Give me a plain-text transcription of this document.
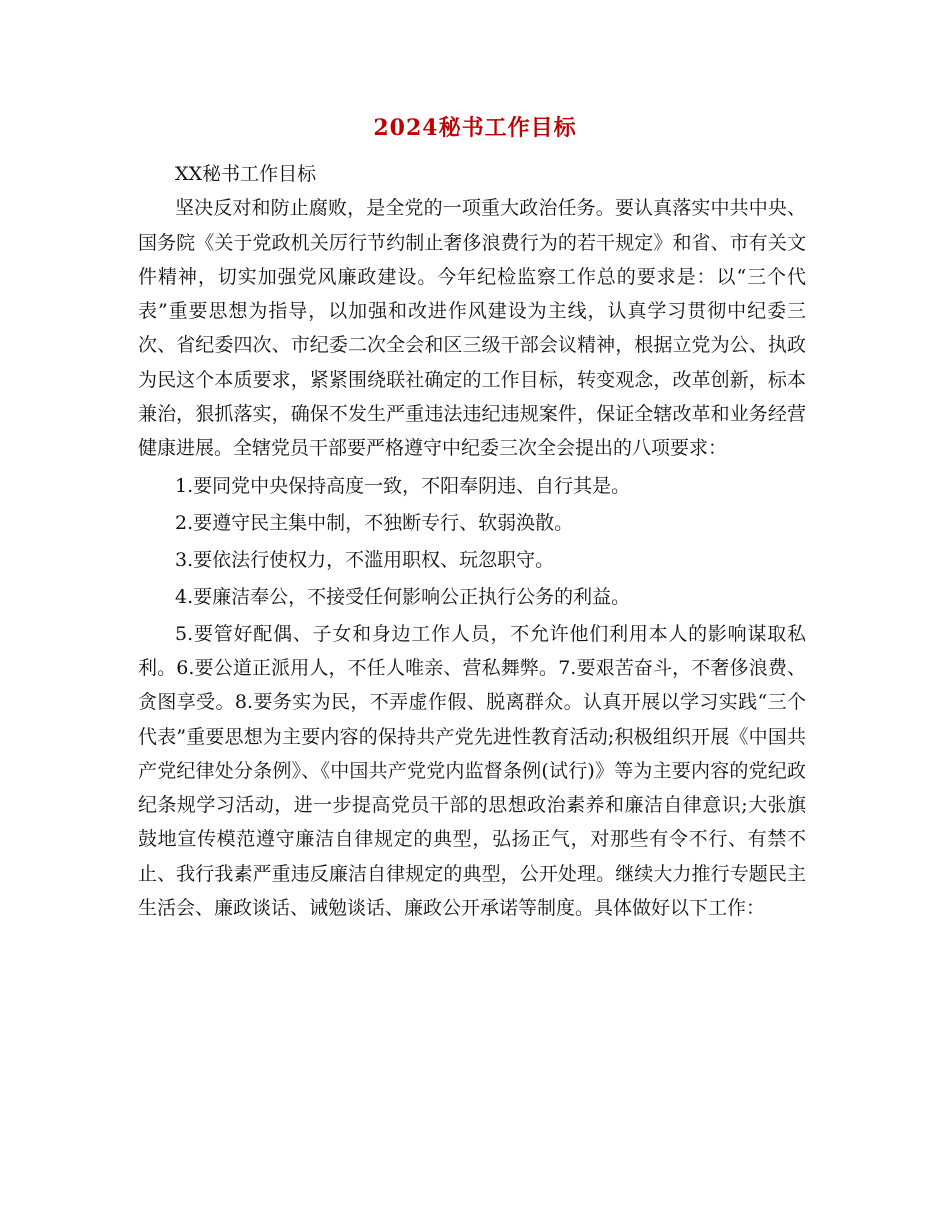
2024秘书工作目标

XX秘书工作目标

坚决反对和防止腐败，是全党的一项重大政治任务。要认真落实中共中央、国务院《关于党政机关厉行节约制止奢侈浪费行为的若干规定》和省、市有关文件精神，切实加强党风廉政建设。今年纪检监察工作总的要求是：以“三个代表”重要思想为指导，以加强和改进作风建设为主线，认真学习贯彻中纪委三次、省纪委四次、市纪委二次全会和区三级干部会议精神，根据立党为公、执政为民这个本质要求，紧紧围绕联社确定的工作目标，转变观念，改革创新，标本兼治，狠抓落实，确保不发生严重违法违纪违规案件，保证全辖改革和业务经营健康进展。全辖党员干部要严格遵守中纪委三次全会提出的八项要求：

1.要同党中央保持高度一致，不阳奉阴违、自行其是。

2.要遵守民主集中制，不独断专行、软弱涣散。

3.要依法行使权力，不滥用职权、玩忽职守。

4.要廉洁奉公，不接受任何影响公正执行公务的利益。

5.要管好配偶、子女和身边工作人员，不允许他们利用本人的影响谋取私利。6.要公道正派用人，不任人唯亲、营私舞弊。7.要艰苦奋斗，不奢侈浪费、贪图享受。8.要务实为民，不弄虚作假、脱离群众。认真开展以学习实践“三个代表”重要思想为主要内容的保持共产党先进性教育活动;积极组织开展《中国共产党纪律处分条例》、《中国共产党党内监督条例(试行)》等为主要内容的党纪政纪条规学习活动，进一步提高党员干部的思想政治素养和廉洁自律意识;大张旗鼓地宣传模范遵守廉洁自律规定的典型，弘扬正气，对那些有令不行、有禁不止、我行我素严重违反廉洁自律规定的典型，公开处理。继续大力推行专题民主生活会、廉政谈话、诫勉谈话、廉政公开承诺等制度。具体做好以下工作：
